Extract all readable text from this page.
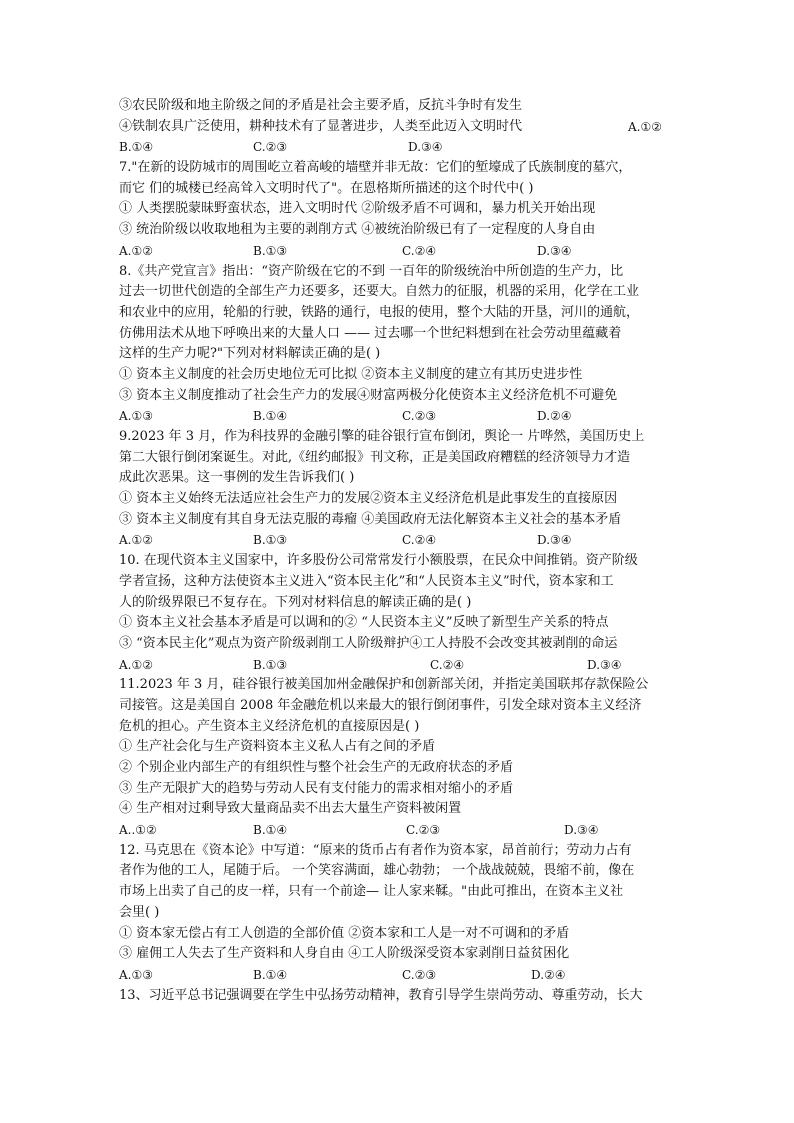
③农民阶级和地主阶级之间的矛盾是社会主要矛盾，反抗斗争时有发生
④铁制农具广泛使用，耕种技术有了显著进步，人类至此迈入文明时代	A.①②
B.①④	C.②③	D.③④
7."在新的设防城市的周围屹立着高峻的墙壁并非无故：它们的堑壕成了氏族制度的墓穴，
而它 们的城楼已经高耸入文明时代了"。在恩格斯所描述的这个时代中( )
① 人类摆脱蒙昧野蛮状态，进入文明时代 ②阶级矛盾不可调和，暴力机关开始出现
③ 统治阶级以收取地租为主要的剥削方式 ④被统治阶级已有了一定程度的人身自由
A.①②	B.①③	C.②④	D.③④
8.《共产党宣言》指出：“资产阶级在它的不到 一百年的阶级统治中所创造的生产力，比
过去一切世代创造的全部生产力还要多，还要大。自然力的征服，机器的采用，化学在工业
和农业中的应用，轮船的行驶，铁路的通行，电报的使用，整个大陆的开垦，河川的通航，
仿佛用法术从地下呼唤出来的大量人口 —— 过去哪一个世纪料想到在社会劳动里蕴藏着
这样的生产力呢?"下列对材料解读正确的是( )
① 资本主义制度的社会历史地位无可比拟 ②资本主义制度的建立有其历史进步性
③ 资本主义制度推动了社会生产力的发展④财富两极分化使资本主义经济危机不可避免
A.①③	B.①④	C.②③	D.②④
9.2023 年 3 月，作为科技界的金融引擎的硅谷银行宣布倒闭，舆论一 片哗然，美国历史上
第二大银行倒闭案诞生。对此,《纽约邮报》刊文称，正是美国政府糟糕的经济领导力才造
成此次恶果。这一事例的发生告诉我们( )
① 资本主义始终无法适应社会生产力的发展②资本主义经济危机是此事发生的直接原因
③ 资本主义制度有其自身无法克服的毒瘤 ④美国政府无法化解资本主义社会的基本矛盾
A.①②	B.①③	C.②④	D.③④
10. 在现代资本主义国家中，许多股份公司常常发行小额股票，在民众中间推销。资产阶级
学者宣扬，这种方法使资本主义进入“资本民主化”和“人民资本主义”时代，资本家和工
人的阶级界限已不复存在。下列对材料信息的解读正确的是( )
① 资本主义社会基本矛盾是可以调和的② “人民资本主义”反映了新型生产关系的特点
③ “资本民主化”观点为资产阶级剥削工人阶级辩护④工人持股不会改变其被剥削的命运
A.①②	B.①③	C.②④	D.③④
11.2023 年 3 月，硅谷银行被美国加州金融保护和创新部关闭，并指定美国联邦存款保险公
司接管。这是美国自 2008 年金融危机以来最大的银行倒闭事件，引发全球对资本主义经济
危机的担心。产生资本主义经济危机的直接原因是( )
① 生产社会化与生产资料资本主义私人占有之间的矛盾
② 个别企业内部生产的有组织性与整个社会生产的无政府状态的矛盾
③ 生产无限扩大的趋势与劳动人民有支付能力的需求相对缩小的矛盾
④ 生产相对过剩导致大量商品卖不出去大量生产资料被闲置
A..①②	B.①④	C.②③	D.③④
12. 马克思在《资本论》中写道：“原来的货币占有者作为资本家，昂首前行；劳动力占有
者作为他的工人，尾随于后。 一个笑容满面，雄心勃勃； 一个战战兢兢，畏缩不前，像在
市场上出卖了自己的皮一样，只有一个前途— 让人家来鞣。"由此可推出，在资本主义社
会里( )
① 资本家无偿占有工人创造的全部价值 ②资本家和工人是一对不可调和的矛盾
③ 雇佣工人失去了生产资料和人身自由 ④工人阶级深受资本家剥削日益贫困化
A.①③	B.①④	C.②③	D.②④
13、习近平总书记强调要在学生中弘扬劳动精神，教育引导学生崇尚劳动、尊重劳动，长大
